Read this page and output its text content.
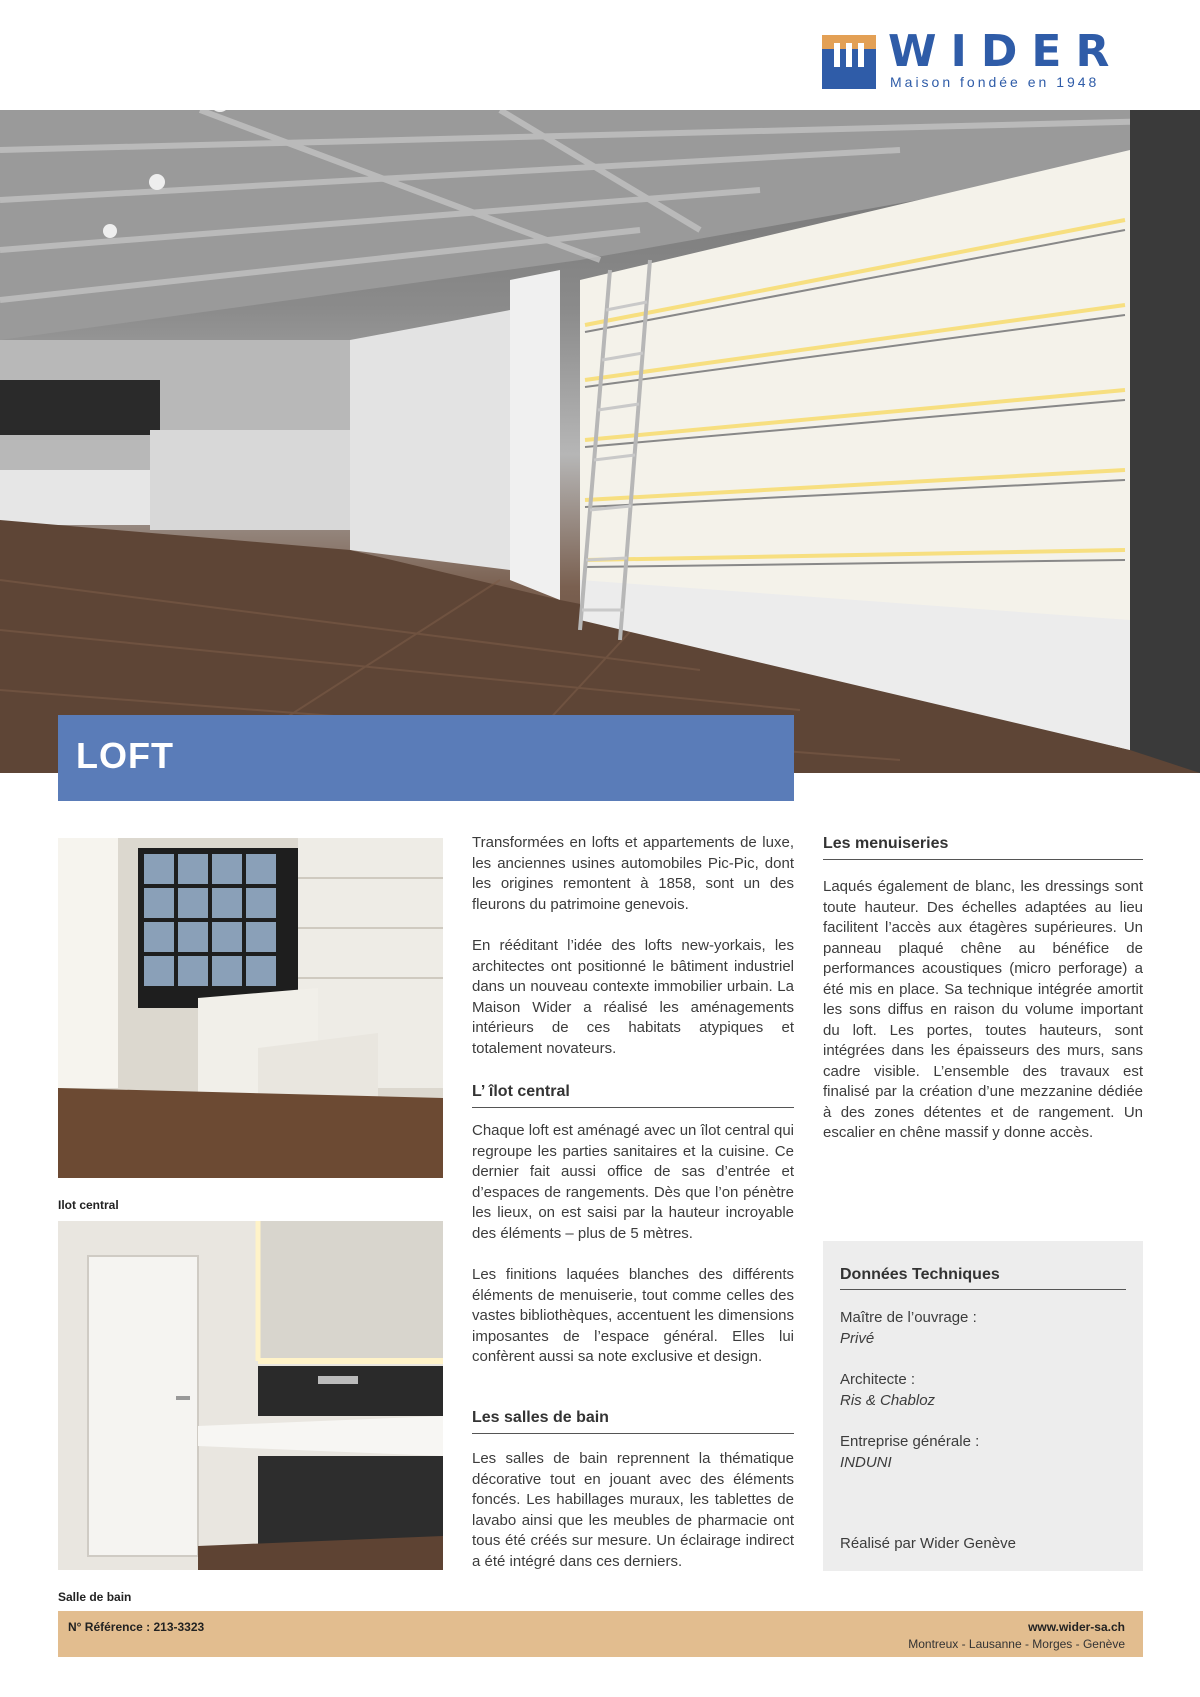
WIDER
Maison fondée en 1948
LOFT
Ilot central
Salle de bain

Transformées en lofts et appartements de luxe, les anciennes usines automobiles Pic-Pic, dont les origines remontent à 1858, sont un des fleurons du patrimoine genevois.

En rééditant l’idée des lofts new-yorkais, les architectes ont positionné le bâtiment industriel dans un nouveau contexte immobilier urbain. La Maison Wider a réalisé les aménagements intérieurs de ces habitats atypiques et totalement novateurs.

L’ îlot central

Chaque loft est aménagé avec un îlot central qui regroupe les parties sanitaires et la cuisine. Ce dernier fait aussi office de sas d’entrée et d’espaces de rangements. Dès que l’on pénètre les lieux, on est saisi par la hauteur incroyable des éléments – plus de 5 mètres.

Les finitions laquées blanches des différents éléments de menuiserie, tout comme celles des vastes bibliothèques, accentuent les dimensions imposantes de l’espace général. Elles lui confèrent aussi sa note exclusive et design.

Les salles de bain

Les salles de bain reprennent la thématique décorative tout en jouant avec des éléments foncés. Les habillages muraux, les tablettes de lavabo ainsi que les meubles de pharmacie ont tous été créés sur mesure. Un éclairage indirect a été intégré dans ces derniers.

Les menuiseries

Laqués également de blanc, les dressings sont toute hauteur. Des échelles adaptées au lieu facilitent l’accès aux étagères supérieures. Un panneau plaqué chêne au bénéfice de performances acoustiques (micro perforage) a été mis en place. Sa technique intégrée amortit les sons diffus en raison du volume important du loft. Les portes, toutes hauteurs, sont intégrées dans les épaisseurs des murs, sans cadre visible. L’ensemble des travaux est finalisé par la création d’une mezzanine dédiée à des zones détentes et de rangement. Un escalier en chêne massif y donne accès.

Données Techniques
Maître de l’ouvrage :
Privé
Architecte :
Ris & Chabloz
Entreprise générale :
INDUNI
Réalisé par Wider Genève
N° Référence : 213-3323	www.wider-sa.ch
Montreux - Lausanne - Morges - Genève
